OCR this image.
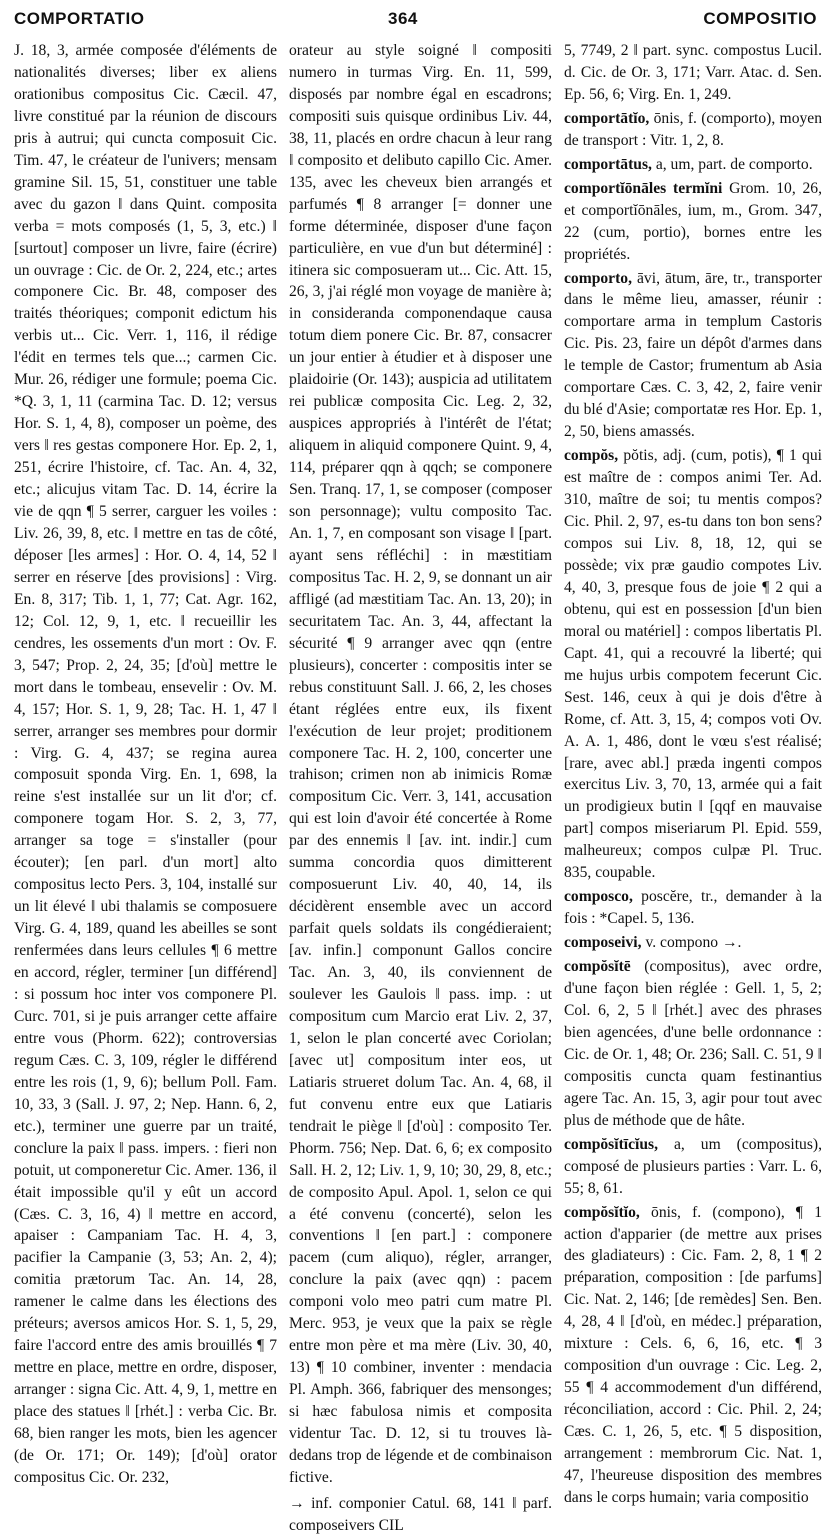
COMPORTATIO	364	COMPOSITIO

J. 18, 3, armée composée d'éléments de nationalités diverses; liber ex aliens orationibus compositus Cic. Cæcil. 47, livre constitué par la réunion de discours pris à autrui; qui cuncta composuit Cic. Tim. 47, le créateur de l'univers; mensam gramine Sil. 15, 51, constituer une table avec du gazon ‖ dans Quint. composita verba = mots composés (1, 5, 3, etc.) ‖ [surtout] composer un livre, faire (écrire) un ouvrage : Cic. de Or. 2, 224, etc.; artes componere Cic. Br. 48, composer des traités théoriques; componit edictum his verbis ut... Cic. Verr. 1, 116, il rédige l'édit en termes tels que...; carmen Cic. Mur. 26, rédiger une formule; poema Cic. *Q. 3, 1, 11 (carmina Tac. D. 12; versus Hor. S. 1, 4, 8), composer un poème, des vers ‖ res gestas componere Hor. Ep. 2, 1, 251, écrire l'histoire, cf. Tac. An. 4, 32, etc.; alicujus vitam Tac. D. 14, écrire la vie de qqn ¶ 5 serrer, carguer les voiles : Liv. 26, 39, 8, etc. ‖ mettre en tas de côté, déposer [les armes] : Hor. O. 4, 14, 52 ‖ serrer en réserve [des provisions] : Virg. En. 8, 317; Tib. 1, 1, 77; Cat. Agr. 162, 12; Col. 12, 9, 1, etc. ‖ recueillir les cendres, les ossements d'un mort : Ov. F. 3, 547; Prop. 2, 24, 35; [d'où] mettre le mort dans le tombeau, ensevelir : Ov. M. 4, 157; Hor. S. 1, 9, 28; Tac. H. 1, 47 ‖ serrer, arranger ses membres pour dormir : Virg. G. 4, 437; se regina aurea composuit sponda Virg. En. 1, 698, la reine s'est installée sur un lit d'or; cf. componere togam Hor. S. 2, 3, 77, arranger sa toge = s'installer (pour écouter); [en parl. d'un mort] alto compositus lecto Pers. 3, 104, installé sur un lit élevé ‖ ubi thalamis se composuere Virg. G. 4, 189, quand les abeilles se sont renfermées dans leurs cellules ¶ 6 mettre en accord, régler, terminer [un différend] : si possum hoc inter vos componere Pl. Curc. 701, si je puis arranger cette affaire entre vous (Phorm. 622); controversias regum Cæs. C. 3, 109, régler le différend entre les rois (1, 9, 6); bellum Poll. Fam. 10, 33, 3 (Sall. J. 97, 2; Nep. Hann. 6, 2, etc.), terminer une guerre par un traité, conclure la paix ‖ pass. impers. : fieri non potuit, ut componeretur Cic. Amer. 136, il était impossible qu'il y eût un accord (Cæs. C. 3, 16, 4) ‖ mettre en accord, apaiser : Campaniam Tac. H. 4, 3, pacifier la Campanie (3, 53; An. 2, 4); comitia prætorum Tac. An. 14, 28, ramener le calme dans les élections des préteurs; aversos amicos Hor. S. 1, 5, 29, faire l'accord entre des amis brouillés ¶ 7 mettre en place, mettre en ordre, disposer, arranger : signa Cic. Att. 4, 9, 1, mettre en place des statues ‖ [rhét.] : verba Cic. Br. 68, bien ranger les mots, bien les agencer (de Or. 171; Or. 149); [d'où] orator compositus Cic. Or. 232,

orateur au style soigné ‖ compositi numero in turmas Virg. En. 11, 599, disposés par nombre égal en escadrons; compositi suis quisque ordinibus Liv. 44, 38, 11, placés en ordre chacun à leur rang ‖ composito et delibuto capillo Cic. Amer. 135, avec les cheveux bien arrangés et parfumés ¶ 8 arranger [= donner une forme déterminée, disposer d'une façon particulière, en vue d'un but déterminé] : itinera sic composueram ut... Cic. Att. 15, 26, 3, j'ai réglé mon voyage de manière à; in consideranda componendaque causa totum diem ponere Cic. Br. 87, consacrer un jour entier à étudier et à disposer une plaidoirie (Or. 143); auspicia ad utilitatem rei publicæ composita Cic. Leg. 2, 32, auspices appropriés à l'intérêt de l'état; aliquem in aliquid componere Quint. 9, 4, 114, préparer qqn à qqch; se componere Sen. Tranq. 17, 1, se composer (composer son personnage); vultu composito Tac. An. 1, 7, en composant son visage ‖ [part. ayant sens réfléchi] : in mæstitiam compositus Tac. H. 2, 9, se donnant un air affligé (ad mæstitiam Tac. An. 13, 20); in securitatem Tac. An. 3, 44, affectant la sécurité ¶ 9 arranger avec qqn (entre plusieurs), concerter : compositis inter se rebus constituunt Sall. J. 66, 2, les choses étant réglées entre eux, ils fixent l'exécution de leur projet; proditionem componere Tac. H. 2, 100, concerter une trahison; crimen non ab inimicis Romæ compositum Cic. Verr. 3, 141, accusation qui est loin d'avoir été concertée à Rome par des ennemis ‖ [av. int. indir.] cum summa concordia quos dimitterent composuerunt Liv. 40, 40, 14, ils décidèrent ensemble avec un accord parfait quels soldats ils congédieraient; [av. infin.] componunt Gallos concire Tac. An. 3, 40, ils conviennent de soulever les Gaulois ‖ pass. imp. : ut compositum cum Marcio erat Liv. 2, 37, 1, selon le plan concerté avec Coriolan; [avec ut] compositum inter eos, ut Latiaris strueret dolum Tac. An. 4, 68, il fut convenu entre eux que Latiaris tendrait le piège ‖ [d'où] : composito Ter. Phorm. 756; Nep. Dat. 6, 6; ex composito Sall. H. 2, 12; Liv. 1, 9, 10; 30, 29, 8, etc.; de composito Apul. Apol. 1, selon ce qui a été convenu (concerté), selon les conventions ‖ [en part.] : componere pacem (cum aliquo), régler, arranger, conclure la paix (avec qqn) : pacem componi volo meo patri cum matre Pl. Merc. 953, je veux que la paix se règle entre mon père et ma mère (Liv. 30, 40, 13) ¶ 10 combiner, inventer : mendacia Pl. Amph. 366, fabriquer des mensonges; si hæc fabulosa nimis et composita videntur Tac. D. 12, si tu trouves là-dedans trop de légende et de combinaison fictive.

→ inf. componier Catul. 68, 141 ‖ parf. composeivers CIL

5, 7749, 2 ‖ part. sync. compostus Lucil. d. Cic. de Or. 3, 171; Varr. Atac. d. Sen. Ep. 56, 6; Virg. En. 1, 249.

comportātĭo, ōnis, f. (comporto), moyen de transport : Vitr. 1, 2, 8.

comportātus, a, um, part. de comporto.

comportĭōnāles termĭni Grom. 10, 26, et comportĭōnāles, ium, m., Grom. 347, 22 (cum, portio), bornes entre les propriétés.

comporto, āvi, ātum, āre, tr., transporter dans le même lieu, amasser, réunir : comportare arma in templum Castoris Cic. Pis. 23, faire un dépôt d'armes dans le temple de Castor; frumentum ab Asia comportare Cæs. C. 3, 42, 2, faire venir du blé d'Asie; comportatæ res Hor. Ep. 1, 2, 50, biens amassés.

compŏs, pŏtis, adj. (cum, potis), ¶ 1 qui est maître de : compos animi Ter. Ad. 310, maître de soi; tu mentis compos? Cic. Phil. 2, 97, es-tu dans ton bon sens? compos sui Liv. 8, 18, 12, qui se possède; vix præ gaudio compotes Liv. 4, 40, 3, presque fous de joie ¶ 2 qui a obtenu, qui est en possession [d'un bien moral ou matériel] : compos libertatis Pl. Capt. 41, qui a recouvré la liberté; qui me hujus urbis compotem fecerunt Cic. Sest. 146, ceux à qui je dois d'être à Rome, cf. Att. 3, 15, 4; compos voti Ov. A. A. 1, 486, dont le vœu s'est réalisé; [rare, avec abl.] præda ingenti compos exercitus Liv. 3, 70, 13, armée qui a fait un prodigieux butin ‖ [qqf en mauvaise part] compos miseriarum Pl. Epid. 559, malheureux; compos culpæ Pl. Truc. 835, coupable.

composco, poscĕre, tr., demander à la fois : *Capel. 5, 136.

composeivi, v. compono →.

compŏsĭtē (compositus), avec ordre, d'une façon bien réglée : Gell. 1, 5, 2; Col. 6, 2, 5 ‖ [rhét.] avec des phrases bien agencées, d'une belle ordonnance : Cic. de Or. 1, 48; Or. 236; Sall. C. 51, 9 ‖ compositis cuncta quam festinantius agere Tac. An. 15, 3, agir pour tout avec plus de méthode que de hâte.

compŏsĭtīcĭus, a, um (compositus), composé de plusieurs parties : Varr. L. 6, 55; 8, 61.

compŏsĭtĭo, ōnis, f. (compono), ¶ 1 action d'apparier (de mettre aux prises des gladiateurs) : Cic. Fam. 2, 8, 1 ¶ 2 préparation, composition : [de parfums] Cic. Nat. 2, 146; [de remèdes] Sen. Ben. 4, 28, 4 ‖ [d'où, en médec.] préparation, mixture : Cels. 6, 6, 16, etc. ¶ 3 composition d'un ouvrage : Cic. Leg. 2, 55 ¶ 4 accommodement d'un différend, réconciliation, accord : Cic. Phil. 2, 24; Cæs. C. 1, 26, 5, etc. ¶ 5 disposition, arrangement : membrorum Cic. Nat. 1, 47, l'heureuse disposition des membres dans le corps humain; varia compositio
